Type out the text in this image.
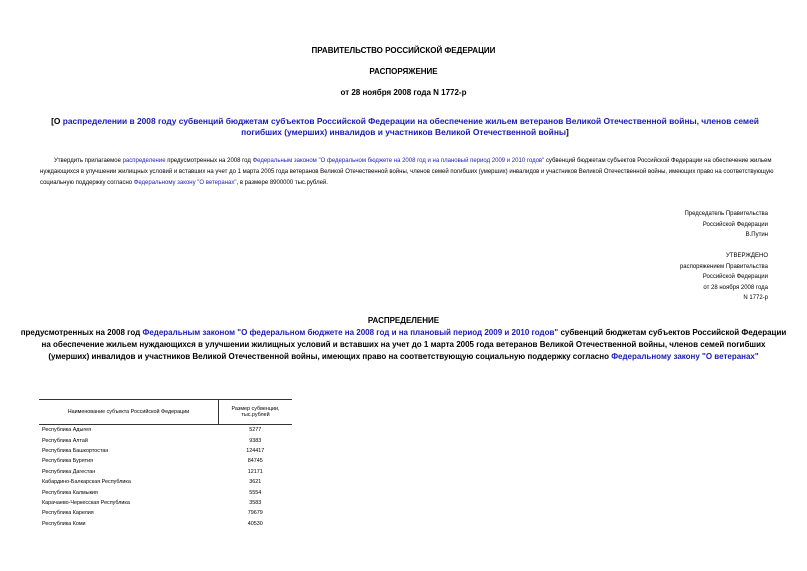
ПРАВИТЕЛЬСТВО РОССИЙСКОЙ ФЕДЕРАЦИИ
РАСПОРЯЖЕНИЕ
от 28 ноября 2008 года N 1772-р
[О распределении в 2008 году субвенций бюджетам субъектов Российской Федерации на обеспечение жильем ветеранов Великой Отечественной войны, членов семей погибших (умерших) инвалидов и участников Великой Отечественной войны]
Утвердить прилагаемое распределение предусмотренных на 2008 год Федеральным законом "О федеральном бюджете на 2008 год и на плановый период 2009 и 2010 годов" субвенций бюджетам субъектов Российской Федерации на обеспечение жильем нуждающихся в улучшении жилищных условий и вставших на учет до 1 марта 2005 года ветеранов Великой Отечественной войны, членов семей погибших (умерших) инвалидов и участников Великой Отечественной войны, имеющих право на соответствующую социальную поддержку согласно Федеральному закону "О ветеранах", в размере 8900000 тыс.рублей.
Председатель Правительства
Российской Федерации
В.Путин
УТВЕРЖДЕНО
распоряжением Правительства
Российской Федерации
от 28 ноября 2008 года
N 1772-р
РАСПРЕДЕЛЕНИЕ
предусмотренных на 2008 год Федеральным законом "О федеральном бюджете на 2008 год и на плановый период 2009 и 2010 годов" субвенций бюджетам субъектов Российской Федерации на обеспечение жильем нуждающихся в улучшении жилищных условий и вставших на учет до 1 марта 2005 года ветеранов Великой Отечественной войны, членов семей погибших (умерших) инвалидов и участников Великой Отечественной войны, имеющих право на соответствующую социальную поддержку согласно Федеральному закону "О ветеранах"
Наименование субъекта Российской Федерации	Размер субвенции,
тыс.рублей

Республика Адыгея	5277
Республика Алтай	9383
Республика Башкортостан	124417
Республика Бурятия	84745
Республика Дагестан	12171
Кабардино-Балкарская Республика	3621
Республика Калмыкия	5554
Карачаево-Черкесская Республика	3583
Республика Карелия	79679
Республика Коми	40530
